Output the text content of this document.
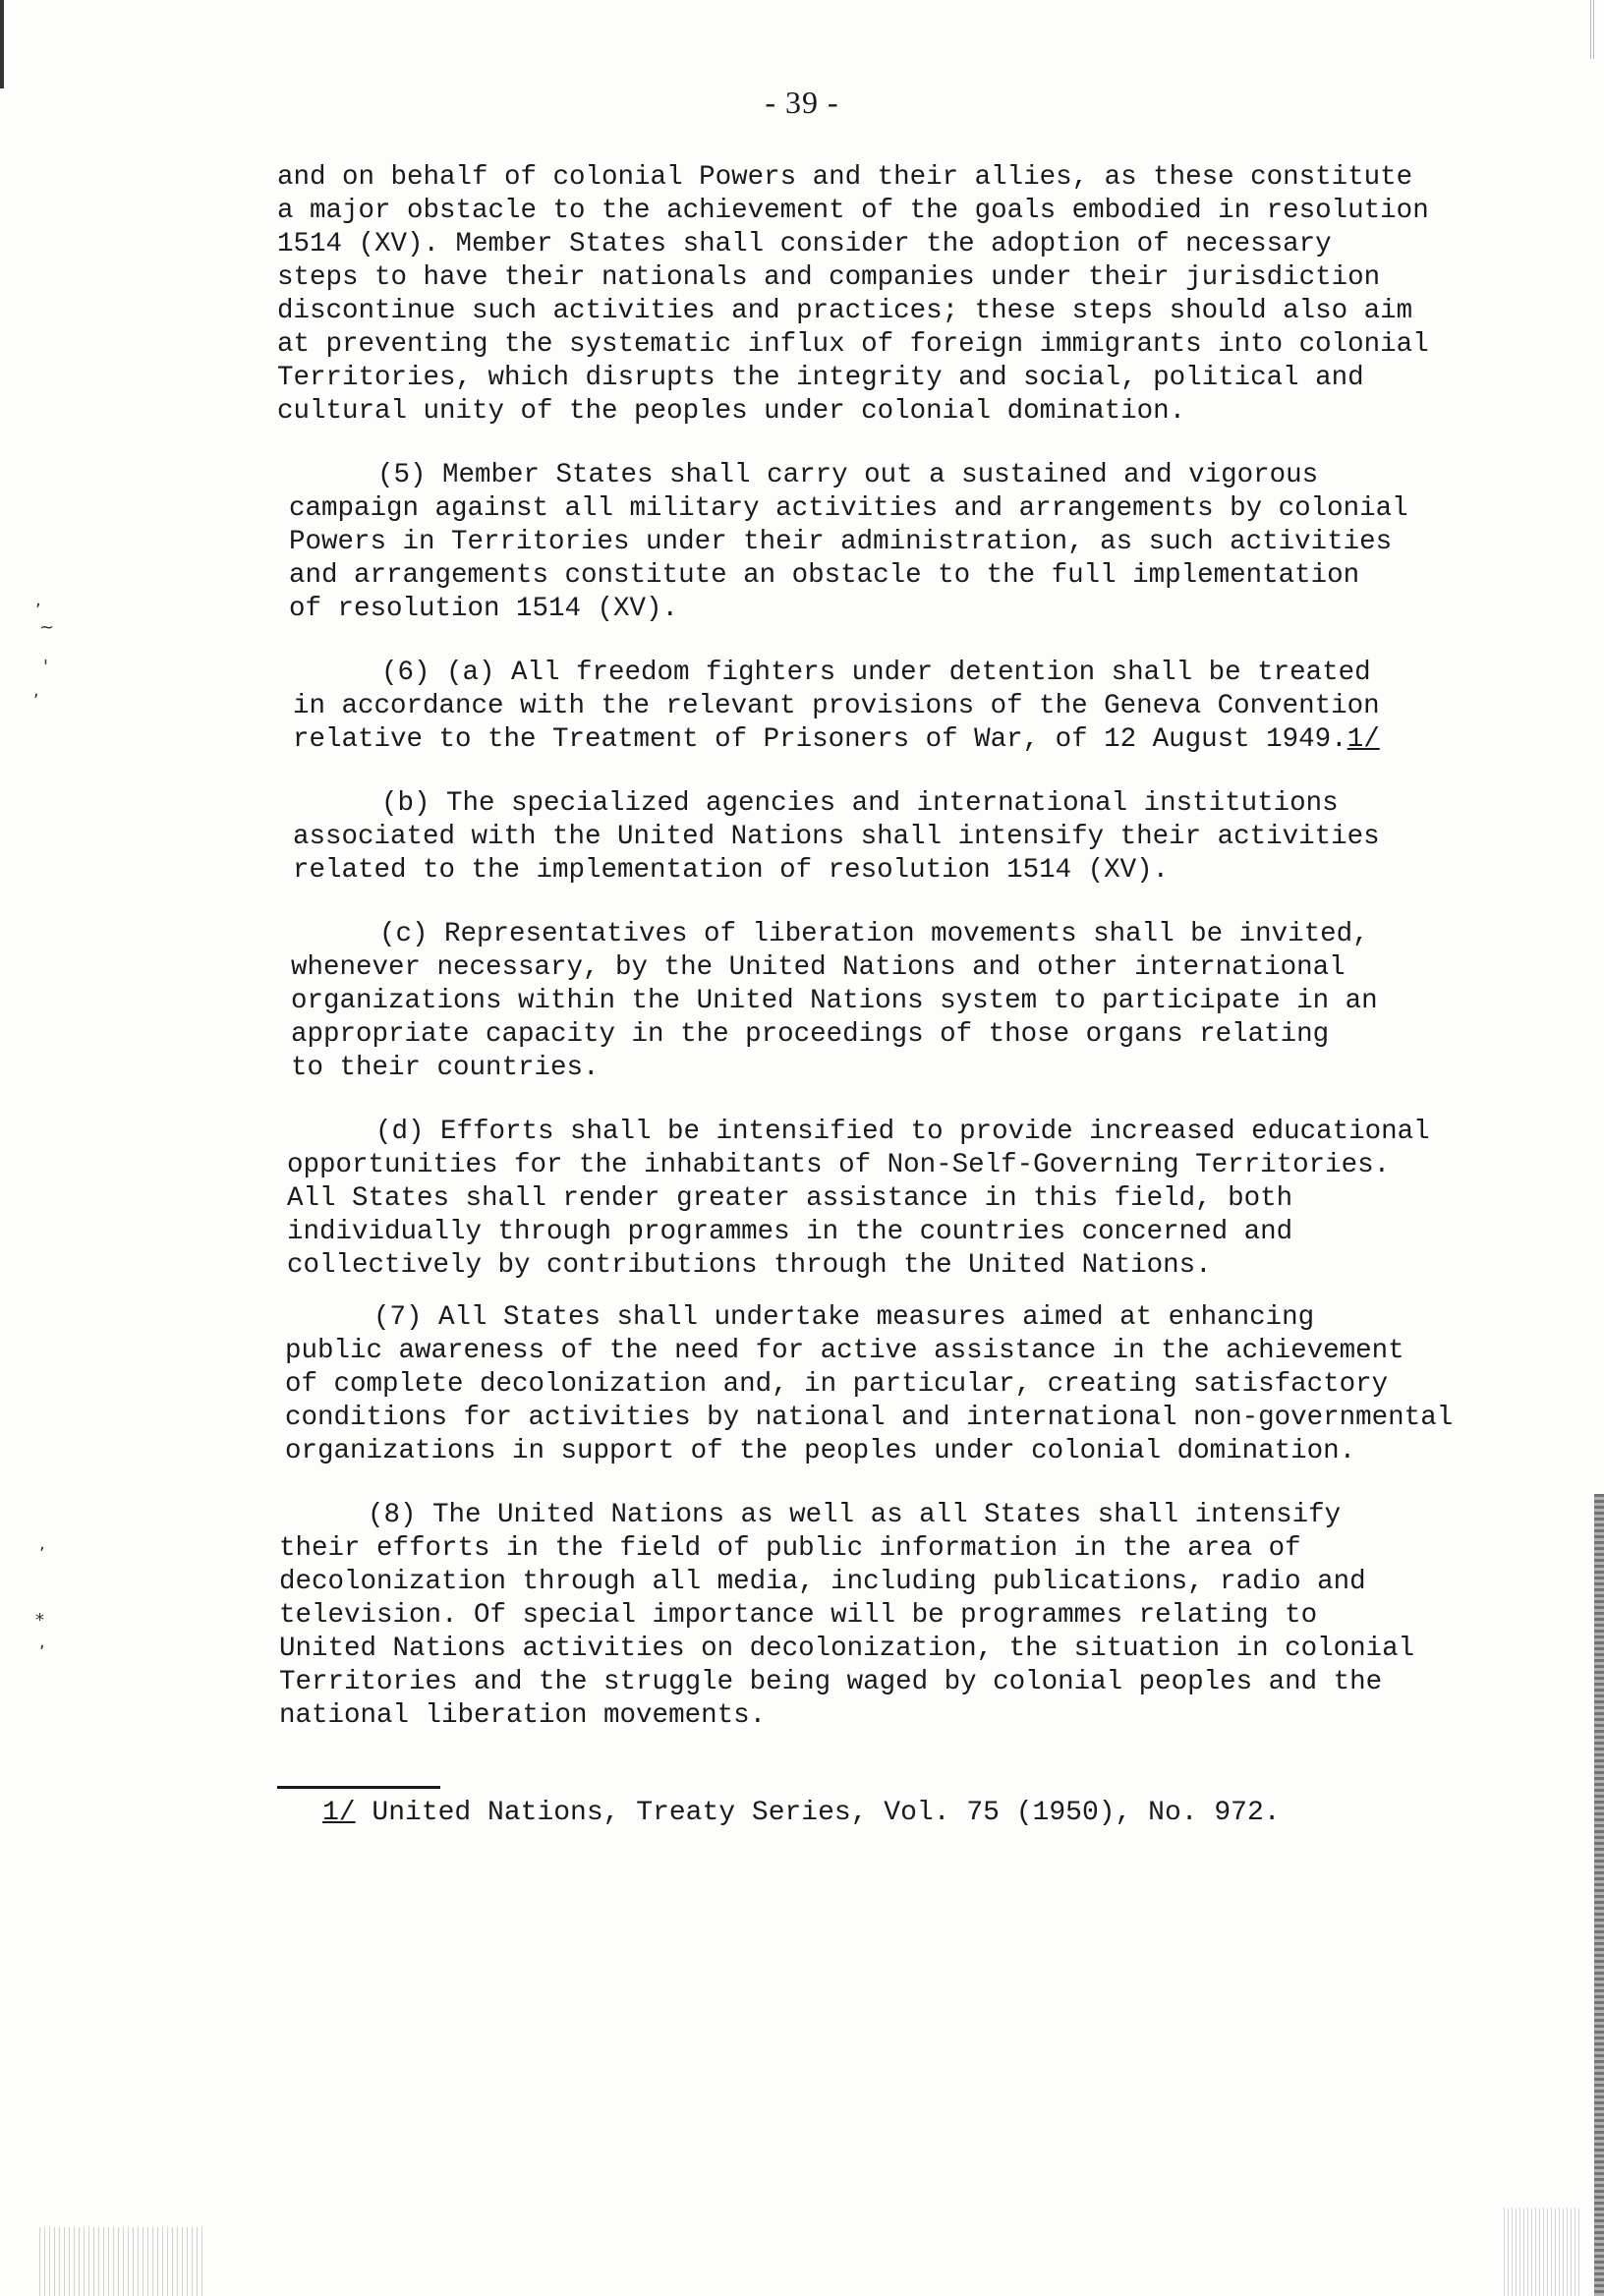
- 39 -

and on behalf of colonial Powers and their allies, as these constitute
a major obstacle to the achievement of the goals embodied in resolution
1514 (XV). Member States shall consider the adoption of necessary
steps to have their nationals and companies under their jurisdiction
discontinue such activities and practices; these steps should also aim
at preventing the systematic influx of foreign immigrants into colonial
Territories, which disrupts the integrity and social, political and
cultural unity of the peoples under colonial domination.

(5) Member States shall carry out a sustained and vigorous
campaign against all military activities and arrangements by colonial
Powers in Territories under their administration, as such activities
and arrangements constitute an obstacle to the full implementation
of resolution 1514 (XV).

(6) (a) All freedom fighters under detention shall be treated
in accordance with the relevant provisions of the Geneva Convention
relative to the Treatment of Prisoners of War, of 12 August 1949.1/

(b) The specialized agencies and international institutions
associated with the United Nations shall intensify their activities
related to the implementation of resolution 1514 (XV).

(c) Representatives of liberation movements shall be invited,
whenever necessary, by the United Nations and other international
organizations within the United Nations system to participate in an
appropriate capacity in the proceedings of those organs relating
to their countries.

(d) Efforts shall be intensified to provide increased educational
opportunities for the inhabitants of Non-Self-Governing Territories.
All States shall render greater assistance in this field, both
individually through programmes in the countries concerned and
collectively by contributions through the United Nations.

(7) All States shall undertake measures aimed at enhancing
public awareness of the need for active assistance in the achievement
of complete decolonization and, in particular, creating satisfactory
conditions for activities by national and international non-governmental
organizations in support of the peoples under colonial domination.

(8) The United Nations as well as all States shall intensify
their efforts in the field of public information in the area of
decolonization through all media, including publications, radio and
television. Of special importance will be programmes relating to
United Nations activities on decolonization, the situation in colonial
Territories and the struggle being waged by colonial peoples and the
national liberation movements.

1/ United Nations, Treaty Series, Vol. 75 (1950), No. 972.
,
~
'
,
,
*
,
